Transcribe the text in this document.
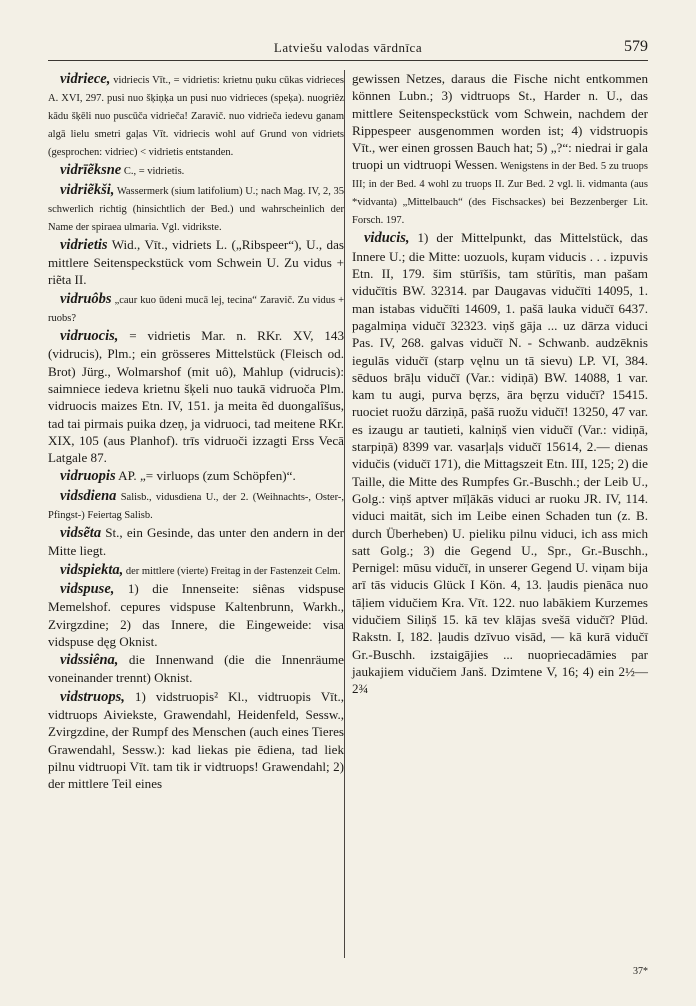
Latviešu valodas vārdnīca	579

vidriece, vidriecis Vīt., = vidrietis: krietnu ņuku cūkas vidrieces A. XVI, 297. pusi nuo šķiņķa un pusi nuo vidrieces (speķa). nuogriêz kādu šķēli nuo puscūča vidrieča! Zaravič. nuo vidrieča iedevu ganam algā lielu smetri gaļas Vīt. vidriecis wohl auf Grund von vidriets (gesprochen: vidriec) < vidrietis entstanden.

vidrīẽksne C., = vidrietis.

vidriẽkši, Wassermerk (sium latifolium) U.; nach Mag. IV, 2, 35 schwerlich richtig (hinsichtlich der Bed.) und wahrscheinlich der Name der spiraea ulmaria. Vgl. vidrikste.

vidrietis Wid., Vīt., vidriets L. („Ribspeer“), U., das mittlere Seitenspeckstück vom Schwein U. Zu vidus + riẽta II.

vidruôbs „caur kuo ūdeni mucā lej, tecina“ Zaravič. Zu vidus + ruobs?

vidruocis, = vidrietis Mar. n. RKr. XV, 143 (vidrucis), Plm.; ein grösseres Mittelstück (Fleisch od. Brot) Jürg., Wolmarshof (mit uô), Mahlup (vidrucis): saimniece iedeva krietnu šķeli nuo taukā vidruoča Plm. vidruocis maizes Etn. IV, 151. ja meita ẽd duongalîšus, tad tai pirmais puika dzeņ, ja vidruoci, tad meitene RKr. XIX, 105 (aus Planhof). trīs vidruoči izzagti Erss Vecā Latgale 87.

vidruopis AP. „= virluops (zum Schöpfen)“.

vidsdiena Salisb., vidusdiena U., der 2. (Weihnachts-, Oster-, Pfingst-) Feiertag Salisb.

vidsẽta St., ein Gesinde, das unter den andern in der Mitte liegt.

vidspiekta, der mittlere (vierte) Freitag in der Fastenzeit Celm.

vidspuse, 1) die Innenseite: siênas vidspuse Memelshof. cepures vidspuse Kaltenbrunn, Warkh., Zvirgzdine; 2) das Innere, die Eingeweide: visa vidspuse dęg Oknist.

vidssiêna, die Innenwand (die die Innenräume voneinander trennt) Oknist.

vidstruops, 1) vidstruopis² Kl., vidtruopis Vīt., vidtruops Aiviekste, Grawendahl, Heidenfeld, Sessw., Zvirgzdine, der Rumpf des Menschen (auch eines Tieres Grawendahl, Sessw.): kad liekas pie ēdiena, tad liek pilnu vidtruopi Vīt. tam tik ir vidtruops! Grawendahl; 2) der mittlere Teil eines

gewissen Netzes, daraus die Fische nicht entkommen können Lubn.; 3) vidtruops St., Harder n. U., das mittlere Seitenspeckstück vom Schwein, nachdem der Rippespeer ausgenommen worden ist; 4) vidstruopis Vīt., wer einen grossen Bauch hat; 5) „?“: niedrai ir gala truopi un vidtruopi Wessen. Wenigstens in der Bed. 5 zu truops III; in der Bed. 4 wohl zu truops II. Zur Bed. 2 vgl. li. vidmanta (aus *vidvanta) „Mittelbauch“ (des Fischsackes) bei Bezzenberger Lit. Forsch. 197.

viducis, 1) der Mittelpunkt, das Mittelstück, das Innere U.; die Mitte: uozuols, kuŗam viducis . . . izpuvis Etn. II, 179. šim stūrīšis, tam stūrītis, man pašam vidučītis BW. 32314. par Daugavas vidučīti 14095, 1. man istabas vidučīti 14609, 1. pašā lauka vidučī 6437. pagalmiņa vidučī 32323. viņš gāja ... uz dārza viduci Pas. IV, 268. galvas vidučī N. - Schwanb. audzēknis iegulās vidučī (starp vęlnu un tā sievu) LP. VI, 384. sēduos brāļu vidučī (Var.: vidiņā) BW. 14088, 1 var. kam tu augi, purva bęrzs, āra bęrzu vidučī? 15415. ruociet ruožu dārziņā, pašā ruožu vidučī! 13250, 47 var. es izaugu ar tautieti, kalniņš vien vidučī (Var.: vidiņā, starpiņā) 8399 var. vasarļaļs vidučī 15614, 2.— dienas vidučis (vidučī 171), die Mittagszeit Etn. III, 125; 2) die Taille, die Mitte des Rumpfes Gr.-Buschh.; der Leib U., Golg.: viņš aptver mīļākās viduci ar ruoku JR. IV, 114. viduci maitāt, sich im Leibe einen Schaden tun (z. B. durch Überheben) U. pieliku pilnu viduci, ich ass mich satt Golg.; 3) die Gegend U., Spr., Gr.-Buschh., Pernigel: mūsu vidučī, in unserer Gegend U. viņam bija arī tās viducis Glück I Kön. 4, 13. ļaudis pienāca nuo tāļiem vidučiem Kra. Vīt. 122. nuo labākiem Kurzemes vidučiem Siliņš 15. kā tev klājas svešā vidučī? Plūd. Rakstn. I, 182. ļaudis dzīvuo visād, — kā kurā vidučī Gr.-Buschh. izstaigājies ... nuopriecadāmies par jaukajiem vidučiem Janš. Dzimtene V, 16; 4) ein 2½—2¾

37*
